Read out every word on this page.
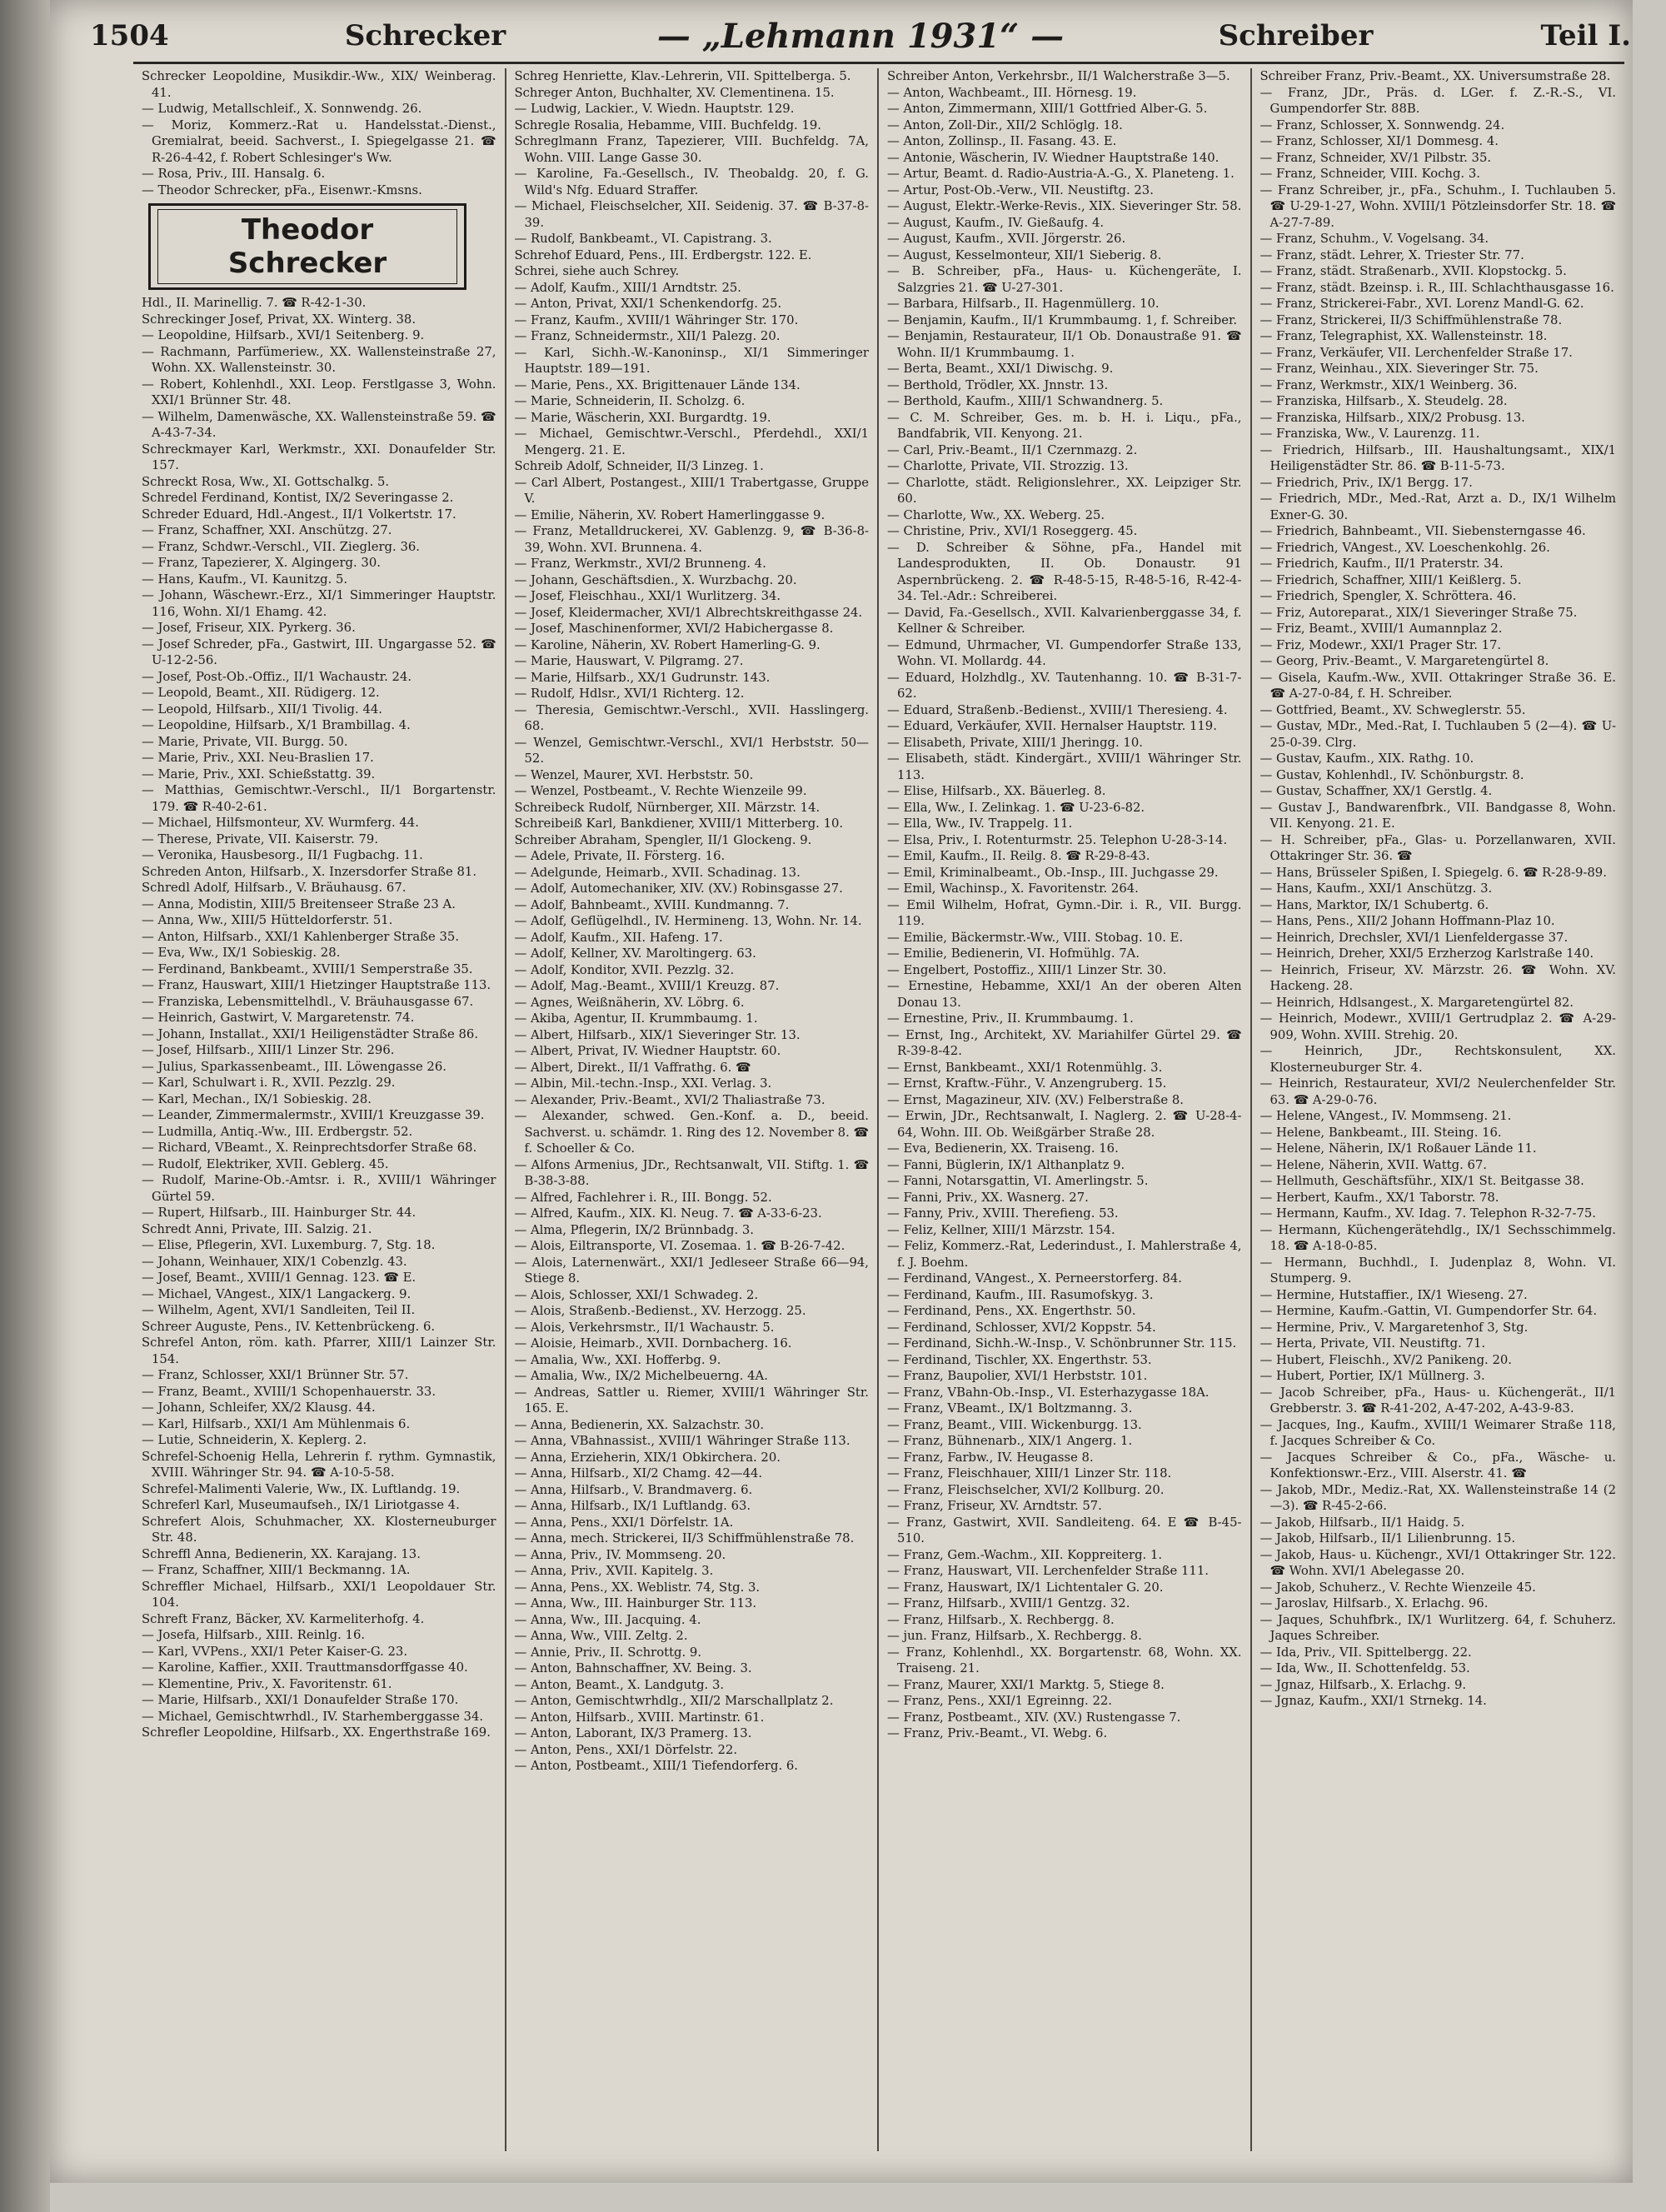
1504	Schrecker	— „Lehmann 1931“ —	Schreiber	Teil I.

Schrecker Leopoldine, Musikdir.-Ww., XIX/ Weinberag. 41.

— Ludwig, Metallschleif., X. Sonnwendg. 26.

— Moriz, Kommerz.-Rat u. Handelsstat.-Dienst., Gremialrat, beeid. Sachverst., I. Spiegelgasse 21. ☎ R-26-4-42, f. Robert Schlesinger's Ww.

— Rosa, Priv., III. Hansalg. 6.

— Theodor Schrecker, pFa., Eisenwr.-Kmsns.

Theodor Schrecker

Hdl., II. Marinellig. 7. ☎ R-42-1-30.

Schreckinger Josef, Privat, XX. Winterg. 38.

— Leopoldine, Hilfsarb., XVI/1 Seitenberg. 9.

— Rachmann, Parfümeriew., XX. Wallensteinstraße 27, Wohn. XX. Wallensteinstr. 30.

— Robert, Kohlenhdl., XXI. Leop. Ferstlgasse 3, Wohn. XXI/1 Brünner Str. 48.

— Wilhelm, Damenwäsche, XX. Wallensteinstraße 59. ☎ A-43-7-34.

Schreckmayer Karl, Werkmstr., XXI. Donaufelder Str. 157.

Schreckt Rosa, Ww., XI. Gottschalkg. 5.

Schredel Ferdinand, Kontist, IX/2 Severingasse 2.

Schreder Eduard, Hdl.-Angest., II/1 Volkertstr. 17.

— Franz, Schaffner, XXI. Anschützg. 27.

— Franz, Schdwr.-Verschl., VII. Zieglerg. 36.

— Franz, Tapezierer, X. Algingerg. 30.

— Hans, Kaufm., VI. Kaunitzg. 5.

— Johann, Wäschewr.-Erz., XI/1 Simmeringer Hauptstr. 116, Wohn. XI/1 Ehamg. 42.

— Josef, Friseur, XIX. Pyrkerg. 36.

— Josef Schreder, pFa., Gastwirt, III. Ungargasse 52. ☎ U-12-2-56.

— Josef, Post-Ob.-Offiz., II/1 Wachaustr. 24.

— Leopold, Beamt., XII. Rüdigerg. 12.

— Leopold, Hilfsarb., XII/1 Tivolig. 44.

— Leopoldine, Hilfsarb., X/1 Brambillag. 4.

— Marie, Private, VII. Burgg. 50.

— Marie, Priv., XXI. Neu-Braslien 17.

— Marie, Priv., XXI. Schießstattg. 39.

— Matthias, Gemischtwr.-Verschl., II/1 Borgartenstr. 179. ☎ R-40-2-61.

— Michael, Hilfsmonteur, XV. Wurmferg. 44.

— Therese, Private, VII. Kaiserstr. 79.

— Veronika, Hausbesorg., II/1 Fugbachg. 11.

Schreden Anton, Hilfsarb., X. Inzersdorfer Straße 81.

Schredl Adolf, Hilfsarb., V. Bräuhausg. 67.

— Anna, Modistin, XIII/5 Breitenseer Straße 23 A.

— Anna, Ww., XIII/5 Hütteldorferstr. 51.

— Anton, Hilfsarb., XXI/1 Kahlenberger Straße 35.

— Eva, Ww., IX/1 Sobieskig. 28.

— Ferdinand, Bankbeamt., XVIII/1 Semperstraße 35.

— Franz, Hauswart, XIII/1 Hietzinger Hauptstraße 113.

— Franziska, Lebensmittelhdl., V. Bräuhausgasse 67.

— Heinrich, Gastwirt, V. Margaretenstr. 74.

— Johann, Installat., XXI/1 Heiligenstädter Straße 86.

— Josef, Hilfsarb., XIII/1 Linzer Str. 296.

— Julius, Sparkassenbeamt., III. Löwengasse 26.

— Karl, Schulwart i. R., XVII. Pezzlg. 29.

— Karl, Mechan., IX/1 Sobieskig. 28.

— Leander, Zimmermalermstr., XVIII/1 Kreuzgasse 39.

— Ludmilla, Antiq.-Ww., III. Erdbergstr. 52.

— Richard, VBeamt., X. Reinprechtsdorfer Straße 68.

— Rudolf, Elektriker, XVII. Geblerg. 45.

— Rudolf, Marine-Ob.-Amtsr. i. R., XVIII/1 Währinger Gürtel 59.

— Rupert, Hilfsarb., III. Hainburger Str. 44.

Schredt Anni, Private, III. Salzig. 21.

— Elise, Pflegerin, XVI. Luxemburg. 7, Stg. 18.

— Johann, Weinhauer, XIX/1 Cobenzlg. 43.

— Josef, Beamt., XVIII/1 Gennag. 123. ☎ E.

— Michael, VAngest., XIX/1 Langackerg. 9.

— Wilhelm, Agent, XVI/1 Sandleiten, Teil II.

Schreer Auguste, Pens., IV. Kettenbrückeng. 6.

Schrefel Anton, röm. kath. Pfarrer, XIII/1 Lainzer Str. 154.

— Franz, Schlosser, XXI/1 Brünner Str. 57.

— Franz, Beamt., XVIII/1 Schopenhauerstr. 33.

— Johann, Schleifer, XX/2 Klausg. 44.

— Karl, Hilfsarb., XXI/1 Am Mühlenmais 6.

— Lutie, Schneiderin, X. Keplerg. 2.

Schrefel-Schoenig Hella, Lehrerin f. rythm. Gymnastik, XVIII. Währinger Str. 94. ☎ A-10-5-58.

Schrefel-Malimenti Valerie, Ww., IX. Luftlandg. 19.

Schreferl Karl, Museumaufseh., IX/1 Liriotgasse 4.

Schrefert Alois, Schuhmacher, XX. Klosterneuburger Str. 48.

Schreffl Anna, Bedienerin, XX. Karajang. 13.

— Franz, Schaffner, XIII/1 Beckmanng. 1A.

Schreffler Michael, Hilfsarb., XXI/1 Leopoldauer Str. 104.

Schreft Franz, Bäcker, XV. Karmeliterhofg. 4.

— Josefa, Hilfsarb., XIII. Reinlg. 16.

— Karl, VVPens., XXI/1 Peter Kaiser-G. 23.

— Karoline, Kaffier., XXII. Trauttmansdorffgasse 40.

— Klementine, Priv., X. Favoritenstr. 61.

— Marie, Hilfsarb., XXI/1 Donaufelder Straße 170.

— Michael, Gemischtwrhdl., IV. Starhemberggasse 34.

Schrefler Leopoldine, Hilfsarb., XX. Engerthstraße 169.

Schreg Henriette, Klav.-Lehrerin, VII. Spittelberga. 5.

Schreger Anton, Buchhalter, XV. Clementinena. 15.

— Ludwig, Lackier., V. Wiedn. Hauptstr. 129.

Schregle Rosalia, Hebamme, VIII. Buchfeldg. 19.

Schreglmann Franz, Tapezierer, VIII. Buchfeldg. 7A, Wohn. VIII. Lange Gasse 30.

— Karoline, Fa.-Gesellsch., IV. Theobaldg. 20, f. G. Wild's Nfg. Eduard Straffer.

— Michael, Fleischselcher, XII. Seidenig. 37. ☎ B-37-8-39.

— Rudolf, Bankbeamt., VI. Capistrang. 3.

Schrehof Eduard, Pens., III. Erdbergstr. 122. E.

Schrei, siehe auch Schrey.

— Adolf, Kaufm., XIII/1 Arndtstr. 25.

— Anton, Privat, XXI/1 Schenkendorfg. 25.

— Franz, Kaufm., XVIII/1 Währinger Str. 170.

— Franz, Schneidermstr., XII/1 Palezg. 20.

— Karl, Sichh.-W.-Kanoninsp., XI/1 Simmeringer Hauptstr. 189—191.

— Marie, Pens., XX. Brigittenauer Lände 134.

— Marie, Schneiderin, II. Scholzg. 6.

— Marie, Wäscherin, XXI. Burgardtg. 19.

— Michael, Gemischtwr.-Verschl., Pferdehdl., XXI/1 Mengerg. 21. E.

Schreib Adolf, Schneider, II/3 Linzeg. 1.

— Carl Albert, Postangest., XIII/1 Trabertgasse, Gruppe V.

— Emilie, Näherin, XV. Robert Hamerlinggasse 9.

— Franz, Metalldruckerei, XV. Gablenzg. 9, ☎ B-36-8-39, Wohn. XVI. Brunnena. 4.

— Franz, Werkmstr., XVI/2 Brunneng. 4.

— Johann, Geschäftsdien., X. Wurzbachg. 20.

— Josef, Fleischhau., XXI/1 Wurlitzerg. 34.

— Josef, Kleidermacher, XVI/1 Albrechtskreithgasse 24.

— Josef, Maschinenformer, XVI/2 Habichergasse 8.

— Karoline, Näherin, XV. Robert Hamerling-G. 9.

— Marie, Hauswart, V. Pilgramg. 27.

— Marie, Hilfsarb., XX/1 Gudrunstr. 143.

— Rudolf, Hdlsr., XVI/1 Richterg. 12.

— Theresia, Gemischtwr.-Verschl., XVII. Hasslingerg. 68.

— Wenzel, Gemischtwr.-Verschl., XVI/1 Herbststr. 50—52.

— Wenzel, Maurer, XVI. Herbststr. 50.

— Wenzel, Postbeamt., V. Rechte Wienzeile 99.

Schreibeck Rudolf, Nürnberger, XII. Märzstr. 14.

Schreibeiß Karl, Bankdiener, XVIII/1 Mitterberg. 10.

Schreiber Abraham, Spengler, II/1 Glockeng. 9.

— Adele, Private, II. Försterg. 16.

— Adelgunde, Heimarb., XVII. Schadinag. 13.

— Adolf, Automechaniker, XIV. (XV.) Robinsgasse 27.

— Adolf, Bahnbeamt., XVIII. Kundmanng. 7.

— Adolf, Geflügelhdl., IV. Hermineng. 13, Wohn. Nr. 14.

— Adolf, Kaufm., XII. Hafeng. 17.

— Adolf, Kellner, XV. Maroltingerg. 63.

— Adolf, Konditor, XVII. Pezzlg. 32.

— Adolf, Mag.-Beamt., XVIII/1 Kreuzg. 87.

— Agnes, Weißnäherin, XV. Löbrg. 6.

— Akiba, Agentur, II. Krummbaumg. 1.

— Albert, Hilfsarb., XIX/1 Sieveringer Str. 13.

— Albert, Privat, IV. Wiedner Hauptstr. 60.

— Albert, Direkt., II/1 Vaffrathg. 6. ☎

— Albin, Mil.-techn.-Insp., XXI. Verlag. 3.

— Alexander, Priv.-Beamt., XVI/2 Thaliastraße 73.

— Alexander, schwed. Gen.-Konf. a. D., beeid. Sachverst. u. schämdr. 1. Ring des 12. November 8. ☎ f. Schoeller & Co.

— Alfons Armenius, JDr., Rechtsanwalt, VII. Stiftg. 1. ☎ B-38-3-88.

— Alfred, Fachlehrer i. R., III. Bongg. 52.

— Alfred, Kaufm., XIX. Kl. Neug. 7. ☎ A-33-6-23.

— Alma, Pflegerin, IX/2 Brünnbadg. 3.

— Alois, Eiltransporte, VI. Zosemaa. 1. ☎ B-26-7-42.

— Alois, Laternenwärt., XXI/1 Jedleseer Straße 66—94, Stiege 8.

— Alois, Schlosser, XXI/1 Schwadeg. 2.

— Alois, Straßenb.-Bedienst., XV. Herzogg. 25.

— Alois, Verkehrsmstr., II/1 Wachaustr. 5.

— Aloisie, Heimarb., XVII. Dornbacherg. 16.

— Amalia, Ww., XXI. Hofferbg. 9.

— Amalia, Ww., IX/2 Michelbeuerng. 4A.

— Andreas, Sattler u. Riemer, XVIII/1 Währinger Str. 165. E.

— Anna, Bedienerin, XX. Salzachstr. 30.

— Anna, VBahnassist., XVIII/1 Währinger Straße 113.

— Anna, Erzieherin, XIX/1 Obkirchera. 20.

— Anna, Hilfsarb., XI/2 Chamg. 42—44.

— Anna, Hilfsarb., V. Brandmaverg. 6.

— Anna, Hilfsarb., IX/1 Luftlandg. 63.

— Anna, Pens., XXI/1 Dörfelstr. 1A.

— Anna, mech. Strickerei, II/3 Schiffmühlenstraße 78.

— Anna, Priv., IV. Mommseng. 20.

— Anna, Priv., XVII. Kapitelg. 3.

— Anna, Pens., XX. Weblistr. 74, Stg. 3.

— Anna, Ww., III. Hainburger Str. 113.

— Anna, Ww., III. Jacquing. 4.

— Anna, Ww., VIII. Zeltg. 2.

— Annie, Priv., II. Schrottg. 9.

— Anton, Bahnschaffner, XV. Being. 3.

— Anton, Beamt., X. Landgutg. 3.

— Anton, Gemischtwrhdlg., XII/2 Marschallplatz 2.

— Anton, Hilfsarb., XVIII. Martinstr. 61.

— Anton, Laborant, IX/3 Pramerg. 13.

— Anton, Pens., XXI/1 Dörfelstr. 22.

— Anton, Postbeamt., XIII/1 Tiefendorferg. 6.

Schreiber Anton, Verkehrsbr., II/1 Walcherstraße 3—5.

— Anton, Wachbeamt., III. Hörnesg. 19.

— Anton, Zimmermann, XIII/1 Gottfried Alber-G. 5.

— Anton, Zoll-Dir., XII/2 Schlöglg. 18.

— Anton, Zollinsp., II. Fasang. 43. E.

— Antonie, Wäscherin, IV. Wiedner Hauptstraße 140.

— Artur, Beamt. d. Radio-Austria-A.-G., X. Planeteng. 1.

— Artur, Post-Ob.-Verw., VII. Neustiftg. 23.

— August, Elektr.-Werke-Revis., XIX. Sieveringer Str. 58.

— August, Kaufm., IV. Gießaufg. 4.

— August, Kaufm., XVII. Jörgerstr. 26.

— August, Kesselmonteur, XII/1 Sieberig. 8.

— B. Schreiber, pFa., Haus- u. Küchengeräte, I. Salzgries 21. ☎ U-27-301.

— Barbara, Hilfsarb., II. Hagenmüllerg. 10.

— Benjamin, Kaufm., II/1 Krummbaumg. 1, f. Schreiber.

— Benjamin, Restaurateur, II/1 Ob. Donaustraße 91. ☎ Wohn. II/1 Krummbaumg. 1.

— Berta, Beamt., XXI/1 Diwischg. 9.

— Berthold, Trödler, XX. Jnnstr. 13.

— Berthold, Kaufm., XIII/1 Schwandnerg. 5.

— C. M. Schreiber, Ges. m. b. H. i. Liqu., pFa., Bandfabrik, VII. Kenyong. 21.

— Carl, Priv.-Beamt., II/1 Czernmazg. 2.

— Charlotte, Private, VII. Strozzig. 13.

— Charlotte, städt. Religionslehrer., XX. Leipziger Str. 60.

— Charlotte, Ww., XX. Weberg. 25.

— Christine, Priv., XVI/1 Roseggerg. 45.

— D. Schreiber & Söhne, pFa., Handel mit Landesprodukten, II. Ob. Donaustr. 91 Aspernbrückeng. 2. ☎ R-48-5-15, R-48-5-16, R-42-4-34. Tel.-Adr.: Schreiberei.

— David, Fa.-Gesellsch., XVII. Kalvarienberggasse 34, f. Kellner & Schreiber.

— Edmund, Uhrmacher, VI. Gumpendorfer Straße 133, Wohn. VI. Mollardg. 44.

— Eduard, Holzhdlg., XV. Tautenhanng. 10. ☎ B-31-7-62.

— Eduard, Straßenb.-Bedienst., XVIII/1 Theresieng. 4.

— Eduard, Verkäufer, XVII. Hernalser Hauptstr. 119.

— Elisabeth, Private, XIII/1 Jheringg. 10.

— Elisabeth, städt. Kindergärt., XVIII/1 Währinger Str. 113.

— Elise, Hilfsarb., XX. Bäuerleg. 8.

— Ella, Ww., I. Zelinkag. 1. ☎ U-23-6-82.

— Ella, Ww., IV. Trappelg. 11.

— Elsa, Priv., I. Rotenturmstr. 25. Telephon U-28-3-14.

— Emil, Kaufm., II. Reilg. 8. ☎ R-29-8-43.

— Emil, Kriminalbeamt., Ob.-Insp., III. Juchgasse 29.

— Emil, Wachinsp., X. Favoritenstr. 264.

— Emil Wilhelm, Hofrat, Gymn.-Dir. i. R., VII. Burgg. 119.

— Emilie, Bäckermstr.-Ww., VIII. Stobag. 10. E.

— Emilie, Bedienerin, VI. Hofmühlg. 7A.

— Engelbert, Postoffiz., XIII/1 Linzer Str. 30.

— Ernestine, Hebamme, XXI/1 An der oberen Alten Donau 13.

— Ernestine, Priv., II. Krummbaumg. 1.

— Ernst, Ing., Architekt, XV. Mariahilfer Gürtel 29. ☎ R-39-8-42.

— Ernst, Bankbeamt., XXI/1 Rotenmühlg. 3.

— Ernst, Kraftw.-Führ., V. Anzengruberg. 15.

— Ernst, Magazineur, XIV. (XV.) Felberstraße 8.

— Erwin, JDr., Rechtsanwalt, I. Naglerg. 2. ☎ U-28-4-64, Wohn. III. Ob. Weißgärber Straße 28.

— Eva, Bedienerin, XX. Traiseng. 16.

— Fanni, Büglerin, IX/1 Althanplatz 9.

— Fanni, Notarsgattin, VI. Amerlingstr. 5.

— Fanni, Priv., XX. Wasnerg. 27.

— Fanny, Priv., XVIII. Therefieng. 53.

— Feliz, Kellner, XIII/1 Märzstr. 154.

— Feliz, Kommerz.-Rat, Lederindust., I. Mahlerstraße 4, f. J. Boehm.

— Ferdinand, VAngest., X. Perneerstorferg. 84.

— Ferdinand, Kaufm., III. Rasumofskyg. 3.

— Ferdinand, Pens., XX. Engerthstr. 50.

— Ferdinand, Schlosser, XVI/2 Koppstr. 54.

— Ferdinand, Sichh.-W.-Insp., V. Schönbrunner Str. 115.

— Ferdinand, Tischler, XX. Engerthstr. 53.

— Franz, Baupolier, XVI/1 Herbststr. 101.

— Franz, VBahn-Ob.-Insp., VI. Esterhazygasse 18A.

— Franz, VBeamt., IX/1 Boltzmanng. 3.

— Franz, Beamt., VIII. Wickenburgg. 13.

— Franz, Bühnenarb., XIX/1 Angerg. 1.

— Franz, Farbw., IV. Heugasse 8.

— Franz, Fleischhauer, XIII/1 Linzer Str. 118.

— Franz, Fleischselcher, XVI/2 Kollburg. 20.

— Franz, Friseur, XV. Arndtstr. 57.

— Franz, Gastwirt, XVII. Sandleiteng. 64. E ☎ B-45-510.

— Franz, Gem.-Wachm., XII. Koppreiterg. 1.

— Franz, Hauswart, VII. Lerchenfelder Straße 111.

— Franz, Hauswart, IX/1 Lichtentaler G. 20.

— Franz, Hilfsarb., XVIII/1 Gentzg. 32.

— Franz, Hilfsarb., X. Rechbergg. 8.

— jun. Franz, Hilfsarb., X. Rechbergg. 8.

— Franz, Kohlenhdl., XX. Borgartenstr. 68, Wohn. XX. Traiseng. 21.

— Franz, Maurer, XXI/1 Marktg. 5, Stiege 8.

— Franz, Pens., XXI/1 Egreinng. 22.

— Franz, Postbeamt., XIV. (XV.) Rustengasse 7.

— Franz, Priv.-Beamt., VI. Webg. 6.

Schreiber Franz, Priv.-Beamt., XX. Universumstraße 28.

— Franz, JDr., Präs. d. LGer. f. Z.-R.-S., VI. Gumpendorfer Str. 88B.

— Franz, Schlosser, X. Sonnwendg. 24.

— Franz, Schlosser, XI/1 Dommesg. 4.

— Franz, Schneider, XV/1 Pilbstr. 35.

— Franz, Schneider, VIII. Kochg. 3.

— Franz Schreiber, jr., pFa., Schuhm., I. Tuchlauben 5. ☎ U-29-1-27, Wohn. XVIII/1 Pötzleinsdorfer Str. 18. ☎ A-27-7-89.

— Franz, Schuhm., V. Vogelsang. 34.

— Franz, städt. Lehrer, X. Triester Str. 77.

— Franz, städt. Straßenarb., XVII. Klopstockg. 5.

— Franz, städt. Bzeinsp. i. R., III. Schlachthausgasse 16.

— Franz, Strickerei-Fabr., XVI. Lorenz Mandl-G. 62.

— Franz, Strickerei, II/3 Schiffmühlenstraße 78.

— Franz, Telegraphist, XX. Wallensteinstr. 18.

— Franz, Verkäufer, VII. Lerchenfelder Straße 17.

— Franz, Weinhau., XIX. Sieveringer Str. 75.

— Franz, Werkmstr., XIX/1 Weinberg. 36.

— Franziska, Hilfsarb., X. Steudelg. 28.

— Franziska, Hilfsarb., XIX/2 Probusg. 13.

— Franziska, Ww., V. Laurenzg. 11.

— Friedrich, Hilfsarb., III. Haushaltungsamt., XIX/1 Heiligenstädter Str. 86. ☎ B-11-5-73.

— Friedrich, Priv., IX/1 Bergg. 17.

— Friedrich, MDr., Med.-Rat, Arzt a. D., IX/1 Wilhelm Exner-G. 30.

— Friedrich, Bahnbeamt., VII. Siebensterngasse 46.

— Friedrich, VAngest., XV. Loeschenkohlg. 26.

— Friedrich, Kaufm., II/1 Praterstr. 34.

— Friedrich, Schaffner, XIII/1 Keißlerg. 5.

— Friedrich, Spengler, X. Schröttera. 46.

— Friz, Autoreparat., XIX/1 Sieveringer Straße 75.

— Friz, Beamt., XVIII/1 Aumannplaz 2.

— Friz, Modewr., XXI/1 Prager Str. 17.

— Georg, Priv.-Beamt., V. Margaretengürtel 8.

— Gisela, Kaufm.-Ww., XVII. Ottakringer Straße 36. E. ☎ A-27-0-84, f. H. Schreiber.

— Gottfried, Beamt., XV. Schweglerstr. 55.

— Gustav, MDr., Med.-Rat, I. Tuchlauben 5 (2—4). ☎ U-25-0-39. Clrg.

— Gustav, Kaufm., XIX. Rathg. 10.

— Gustav, Kohlenhdl., IV. Schönburgstr. 8.

— Gustav, Schaffner, XX/1 Gerstlg. 4.

— Gustav J., Bandwarenfbrk., VII. Bandgasse 8, Wohn. VII. Kenyong. 21. E.

— H. Schreiber, pFa., Glas- u. Porzellanwaren, XVII. Ottakringer Str. 36. ☎

— Hans, Brüsseler Spißen, I. Spiegelg. 6. ☎ R-28-9-89.

— Hans, Kaufm., XXI/1 Anschützg. 3.

— Hans, Marktor, IX/1 Schubertg. 6.

— Hans, Pens., XII/2 Johann Hoffmann-Plaz 10.

— Heinrich, Drechsler, XVI/1 Lienfeldergasse 37.

— Heinrich, Dreher, XXI/5 Erzherzog Karlstraße 140.

— Heinrich, Friseur, XV. Märzstr. 26. ☎ Wohn. XV. Hackeng. 28.

— Heinrich, Hdlsangest., X. Margaretengürtel 82.

— Heinrich, Modewr., XVIII/1 Gertrudplaz 2. ☎ A-29-909, Wohn. XVIII. Strehig. 20.

— Heinrich, JDr., Rechtskonsulent, XX. Klosterneuburger Str. 4.

— Heinrich, Restaurateur, XVI/2 Neulerchenfelder Str. 63. ☎ A-29-0-76.

— Helene, VAngest., IV. Mommseng. 21.

— Helene, Bankbeamt., III. Steing. 16.

— Helene, Näherin, IX/1 Roßauer Lände 11.

— Helene, Näherin, XVII. Wattg. 67.

— Hellmuth, Geschäftsführ., XIX/1 St. Beitgasse 38.

— Herbert, Kaufm., XX/1 Taborstr. 78.

— Hermann, Kaufm., XV. Idag. 7. Telephon R-32-7-75.

— Hermann, Küchengerätehdlg., IX/1 Sechsschimmelg. 18. ☎ A-18-0-85.

— Hermann, Buchhdl., I. Judenplaz 8, Wohn. VI. Stumperg. 9.

— Hermine, Hutstaffier., IX/1 Wieseng. 27.

— Hermine, Kaufm.-Gattin, VI. Gumpendorfer Str. 64.

— Hermine, Priv., V. Margaretenhof 3, Stg.

— Herta, Private, VII. Neustiftg. 71.

— Hubert, Fleischh., XV/2 Panikeng. 20.

— Hubert, Portier, IX/1 Müllnerg. 3.

— Jacob Schreiber, pFa., Haus- u. Küchengerät., II/1 Grebberstr. 3. ☎ R-41-202, A-47-202, A-43-9-83.

— Jacques, Ing., Kaufm., XVIII/1 Weimarer Straße 118, f. Jacques Schreiber & Co.

— Jacques Schreiber & Co., pFa., Wäsche- u. Konfektionswr.-Erz., VIII. Alserstr. 41. ☎

— Jakob, MDr., Mediz.-Rat, XX. Wallensteinstraße 14 (2—3). ☎ R-45-2-66.

— Jakob, Hilfsarb., II/1 Haidg. 5.

— Jakob, Hilfsarb., II/1 Lilienbrunng. 15.

— Jakob, Haus- u. Küchengr., XVI/1 Ottakringer Str. 122. ☎ Wohn. XVI/1 Abelegasse 20.

— Jakob, Schuherz., V. Rechte Wienzeile 45.

— Jaroslav, Hilfsarb., X. Erlachg. 96.

— Jaques, Schuhfbrk., IX/1 Wurlitzerg. 64, f. Schuherz. Jaques Schreiber.

— Ida, Priv., VII. Spittelbergg. 22.

— Ida, Ww., II. Schottenfeldg. 53.

— Jgnaz, Hilfsarb., X. Erlachg. 9.

— Jgnaz, Kaufm., XXI/1 Strnekg. 14.
